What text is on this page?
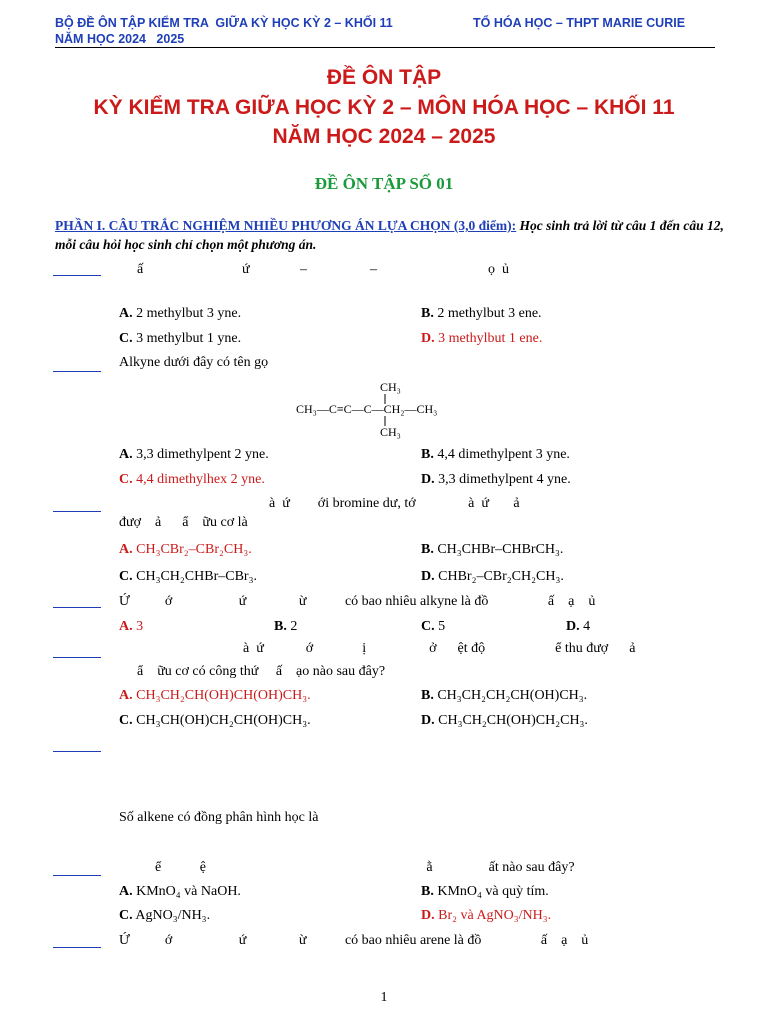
BỘ ĐỀ ÔN TẬP KIỂM TRA  GIỮA KỲ HỌC KỲ 2 – KHỐI 11	TỔ HÓA HỌC – THPT MARIE CURIE
NĂM HỌC 2024   2025
ĐỀ ÔN TẬP
KỲ KIỂM TRA GIỮA HỌC KỲ 2 – MÔN HÓA HỌC – KHỐI 11
NĂM HỌC 2024 – 2025
ĐỀ ÔN TẬP SỐ 01
PHẦN I. CÂU TRẮC NGHIỆM NHIỀU PHƯƠNG ÁN LỰA CHỌN (3,0 điểm): Học sinh trả lời từ câu 1 đến câu 12, mỗi câu hỏi học sinh chỉ chọn một phương án.
ấ	ứ	–	–	ọ  ủ
A. 2 methylbut 3 yne.	B. 2 methylbut 3 ene.
C. 3 methylbut 1 yne.	D. 3 methylbut 1 ene.
Alkyne dưới đây có tên gọ
CH₃
CH₃—C≡C—C—CH₂—CH₃
CH₃
A. 3,3 dimethylpent 2 yne.	B. 4,4 dimethylpent 3 yne.
C. 4,4 dimethylhex 2 yne.	D. 3,3 dimethylpent 4 yne.
à  ứ        ới bromine dư, tớ               à  ứ       ả
đượ    ả      ẩ    ữu cơ là
A. CH₃CBr₂–CBr₂CH₃.	B. CH₃CHBr–CHBrCH₃.
C. CH₃CH₂CHBr–CBr₃.	D. CHBr₂–CBr₂CH₂CH₃.
Ứ          ớ                   ứ               ừ           có bao nhiêu alkyne là đồ                 ấ    ạ    ủ
A. 3	B. 2	C. 5	D. 4
à  ứ            ớ              ị                  ở      ệt độ                    ể thu đượ      ả
ẩ    ữu cơ có công thứ     ấ    ạo nào sau đây?
A. CH₃CH₂CH(OH)CH(OH)CH₃.	B. CH₃CH₂CH₂CH(OH)CH₃.
C. CH₃CH(OH)CH₂CH(OH)CH₃.	D. CH₃CH₂CH(OH)CH₂CH₃.
Số alkene có đồng phân hình học là
ể           ệ                                                               ằ                ất nào sau đây?
A. KMnO₄ và NaOH.	B. KMnO₄ và quỳ tím.
C. AgNO₃/NH₃.	D. Br₂ và AgNO₃/NH₃.
Ứ          ớ                   ứ               ừ           có bao nhiêu arene là đồ                 ấ    ạ    ủ
1
